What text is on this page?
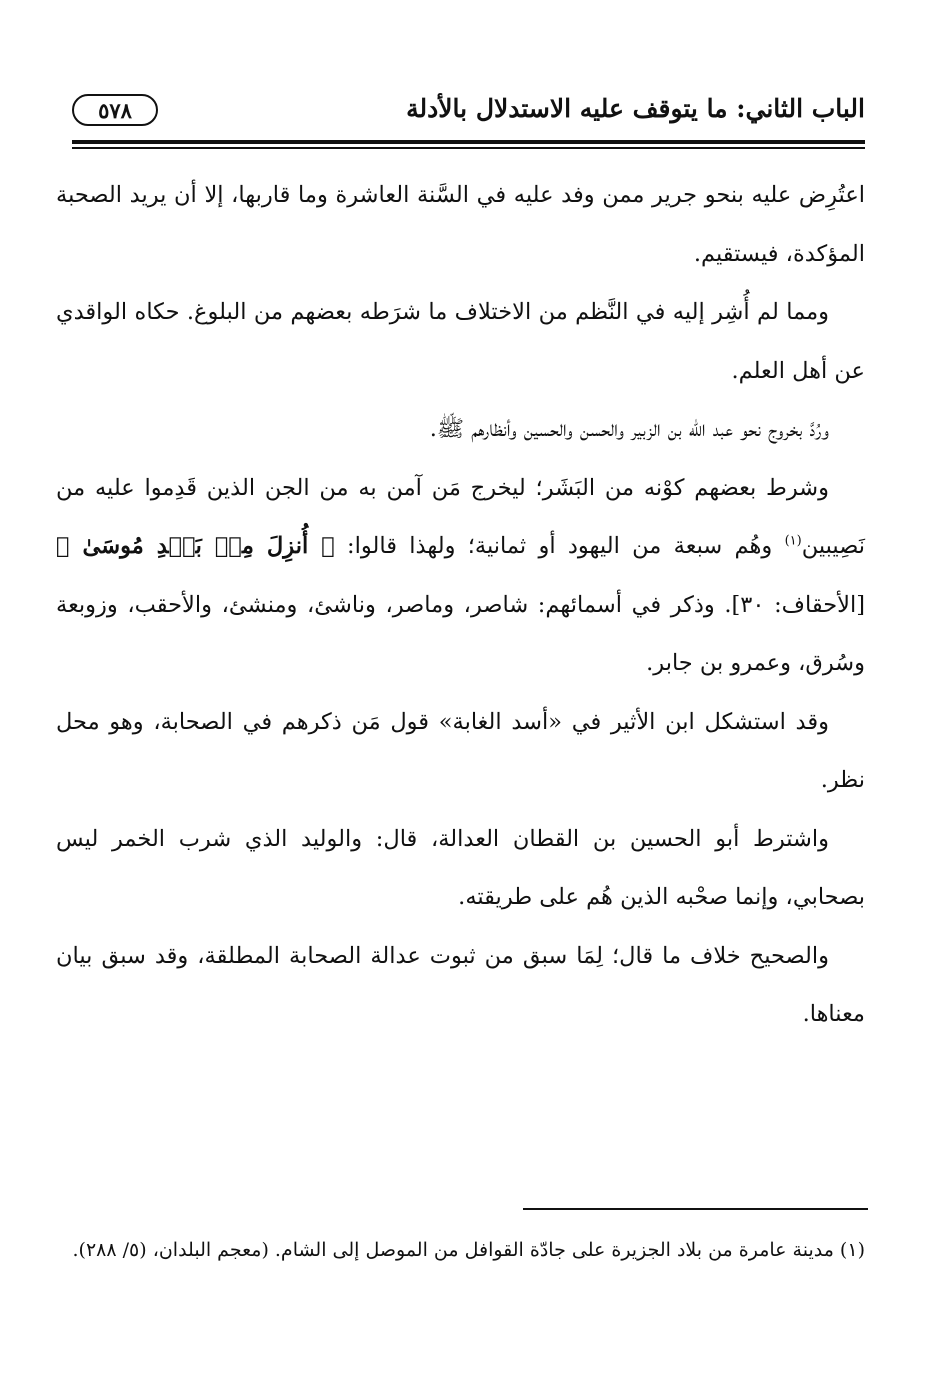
الباب الثاني: ما يتوقف عليه الاستدلال بالأدلة
٥٧٨

اعتُرِض عليه بنحو جرير ممن وفد عليه في السَّنة العاشرة وما قاربها، إلا أن يريد الصحبة المؤكدة، فيستقيم.

ومما لم أُشِر إليه في النَّظم من الاختلاف ما شرَطه بعضهم من البلوغ. حكاه الواقدي عن أهل العلم.

ورُدَّ بخروج نحو عبد الله بن الزبير والحسن والحسين وأنظارهم ﷺ.

وشرط بعضهم كوْنه من البَشَر؛ ليخرج مَن آمن به من الجن الذين قَدِموا عليه من نَصِيبين$^{(١)}$ وهُم سبعة من اليهود أو ثمانية؛ ولهذا قالوا: ﴿ أُنزِلَ مِنۢ بَعۡدِ مُوسَىٰ ﴾ [الأحقاف: ٣٠]. وذكر في أسمائهم: شاصر، وماصر، وناشئ، ومنشئ، والأحقب، وزوبعة وسُرق، وعمرو بن جابر.

وقد استشكل ابن الأثير في «أسد الغابة» قول مَن ذكرهم في الصحابة، وهو محل نظر.

واشترط أبو الحسين بن القطان العدالة، قال: والوليد الذي شرب الخمر ليس بصحابي، وإنما صحْبه الذين هُم على طريقته.

والصحيح خلاف ما قال؛ لِمَا سبق من ثبوت عدالة الصحابة المطلقة، وقد سبق بيان معناها.

(١) مدينة عامرة من بلاد الجزيرة على جادّة القوافل من الموصل إلى الشام. (معجم البلدان، (٥/ ٢٨٨).
